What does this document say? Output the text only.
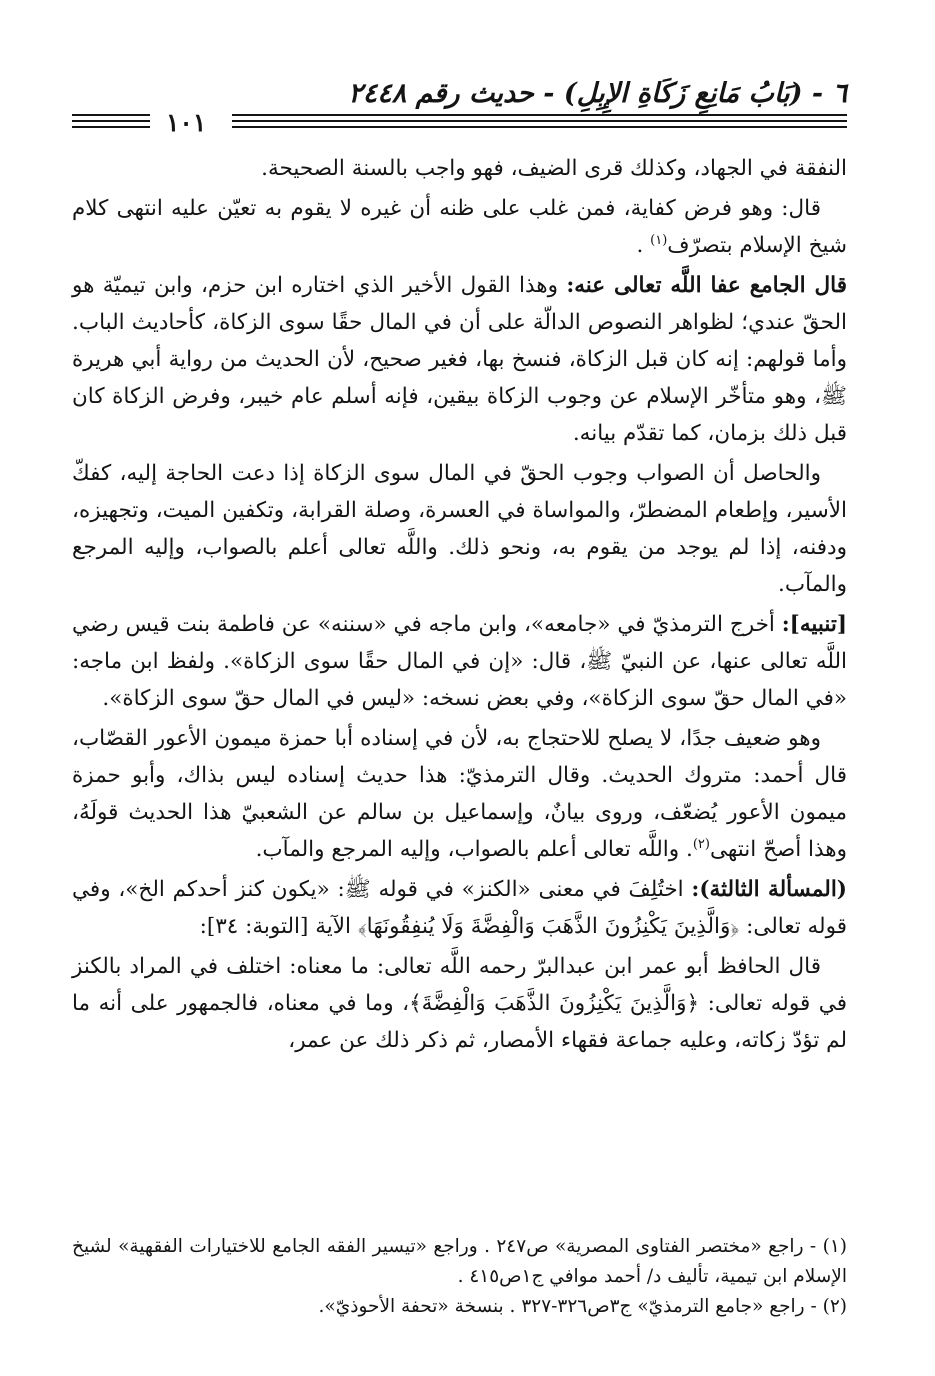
٦ - (بَابُ مَانِعِ زَكَاةِ الإِبِلِ) - حديث رقم ٢٤٤٨
١٠١

النفقة في الجهاد، وكذلك قرى الضيف، فهو واجب بالسنة الصحيحة.

قال: وهو فرض كفاية، فمن غلب على ظنه أن غيره لا يقوم به تعيّن عليه انتهى كلام شيخ الإسلام بتصرّف$^{(١)}$ .

قال الجامع عفا اللَّه تعالى عنه: وهذا القول الأخير الذي اختاره ابن حزم، وابن تيميّة هو الحقّ عندي؛ لظواهر النصوص الدالّة على أن في المال حقًا سوى الزكاة، كأحاديث الباب. وأما قولهم: إنه كان قبل الزكاة، فنسخ بها، فغير صحيح، لأن الحديث من رواية أبي هريرة ﷺ، وهو متأخّر الإسلام عن وجوب الزكاة بيقين، فإنه أسلم عام خيبر، وفرض الزكاة كان قبل ذلك بزمان، كما تقدّم بيانه.

والحاصل أن الصواب وجوب الحقّ في المال سوى الزكاة إذا دعت الحاجة إليه، كفكّ الأسير، وإطعام المضطرّ، والمواساة في العسرة، وصلة القرابة، وتكفين الميت، وتجهيزه، ودفنه، إذا لم يوجد من يقوم به، ونحو ذلك. واللَّه تعالى أعلم بالصواب، وإليه المرجع والمآب.

[تنبيه]: أخرج الترمذيّ في «جامعه»، وابن ماجه في «سننه» عن فاطمة بنت قيس رضي اللَّه تعالى عنها، عن النبيّ ﷺ، قال: «إن في المال حقًا سوى الزكاة». ولفظ ابن ماجه: «في المال حقّ سوى الزكاة»، وفي بعض نسخه: «ليس في المال حقّ سوى الزكاة».

وهو ضعيف جدًا، لا يصلح للاحتجاج به، لأن في إسناده أبا حمزة ميمون الأعور القصّاب، قال أحمد: متروك الحديث. وقال الترمذيّ: هذا حديث إسناده ليس بذاك، وأبو حمزة ميمون الأعور يُضعّف، وروى بيانٌ، وإسماعيل بن سالم عن الشعبيّ هذا الحديث قولَهُ، وهذا أصحّ انتهى$^{(٢)}$. واللَّه تعالى أعلم بالصواب، وإليه المرجع والمآب.

(المسألة الثالثة): اختُلِفَ في معنى «الكنز» في قوله ﷺ: «يكون كنز أحدكم الخ»، وفي قوله تعالى: ﴿وَالَّذِينَ يَكْنِزُونَ الذَّهَبَ وَالْفِضَّةَ وَلَا يُنفِقُونَهَا﴾ الآية [التوبة: ٣٤]:

قال الحافظ أبو عمر ابن عبدالبرّ رحمه اللَّه تعالى: ما معناه: اختلف في المراد بالكنز في قوله تعالى: ﴿وَالَّذِينَ يَكْنِزُونَ الذَّهَبَ وَالْفِضَّةَ﴾، وما في معناه، فالجمهور على أنه ما لم تؤدّ زكاته، وعليه جماعة فقهاء الأمصار، ثم ذكر ذلك عن عمر،

(١) - راجع «مختصر الفتاوى المصرية» ص٢٤٧ . وراجع «تيسير الفقه الجامع للاختيارات الفقهية» لشيخ الإسلام ابن تيمية، تأليف د/ أحمد موافي ج١ص٤١٥ .

(٢) - راجع «جامع الترمذيّ» ج٣ص٣٢٦-٣٢٧ . بنسخة «تحفة الأحوذيّ».
